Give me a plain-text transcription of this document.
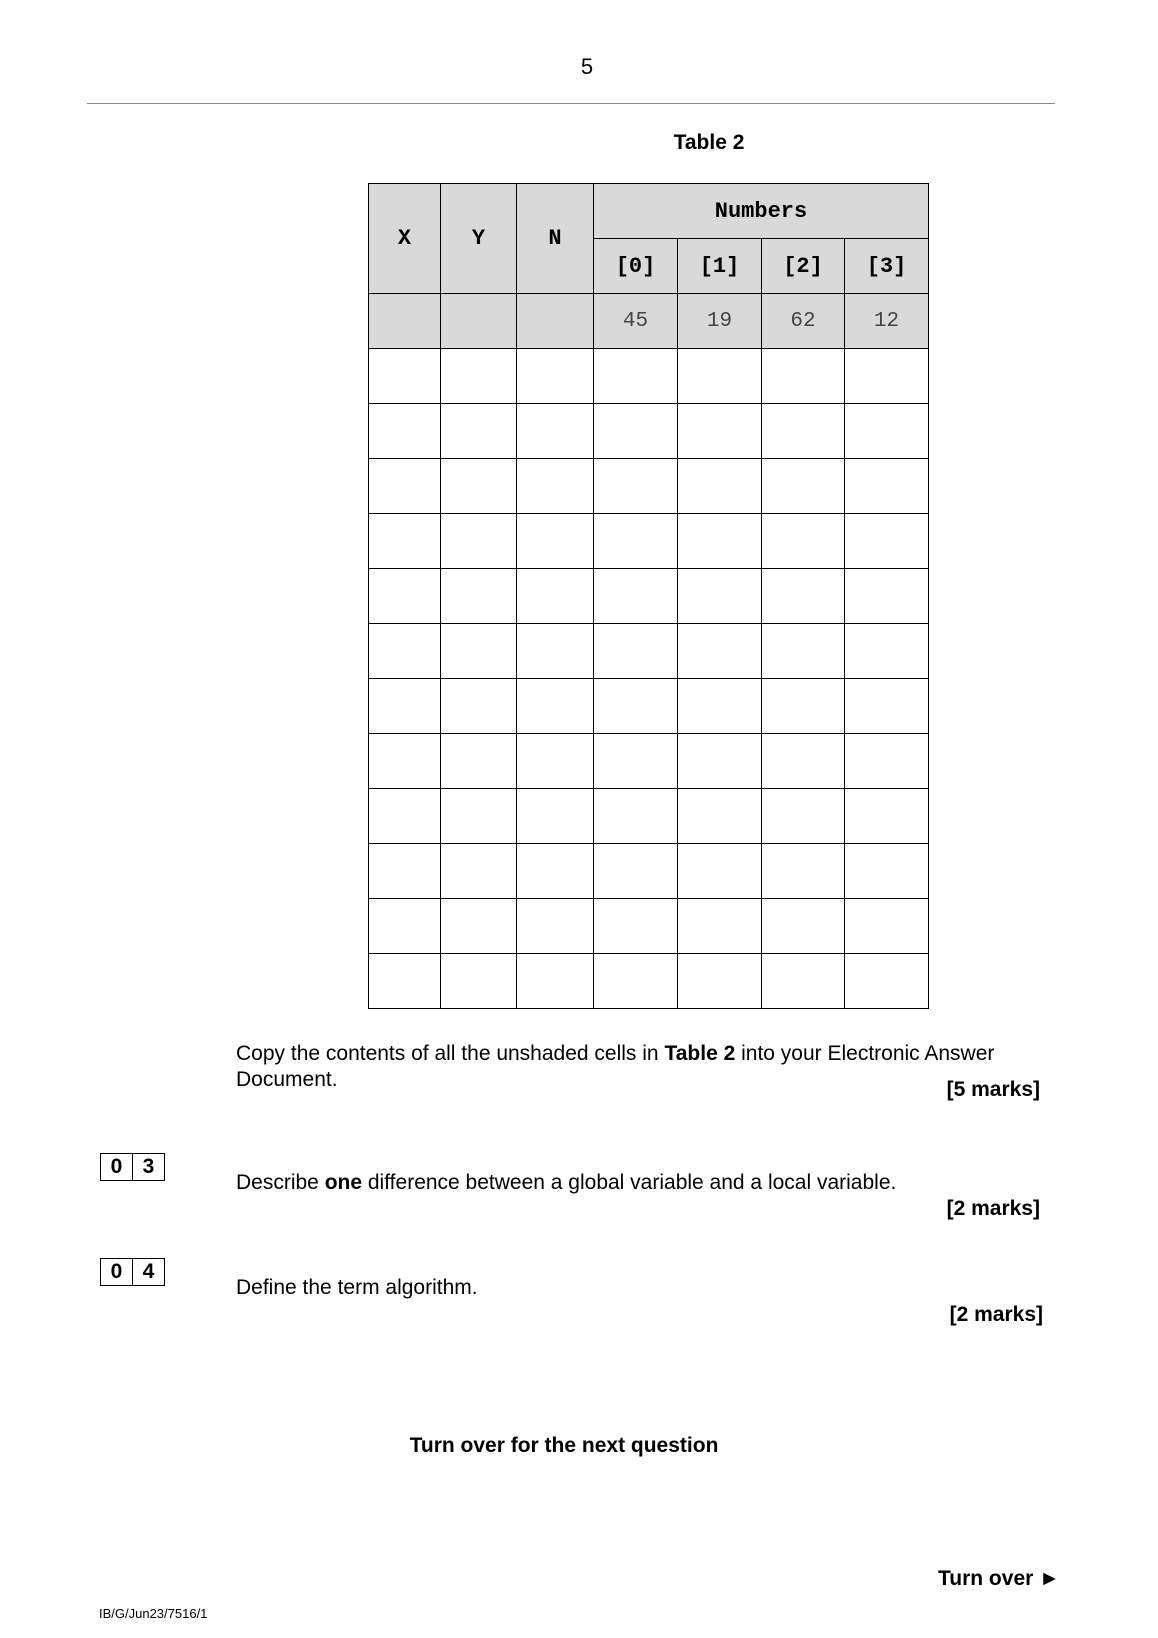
5
Table 2
X	Y	N	Numbers			
			[0]	[1]	[2]	[3]
			45	19	62	12

Copy the contents of all the unshaded cells in Table 2 into your Electronic Answer Document.	[5 marks]
0 3
Describe one difference between a global variable and a local variable.
[2 marks]
0 4
Define the term algorithm.
[2 marks]
Turn over for the next question
Turn over ►
IB/G/Jun23/7516/1
